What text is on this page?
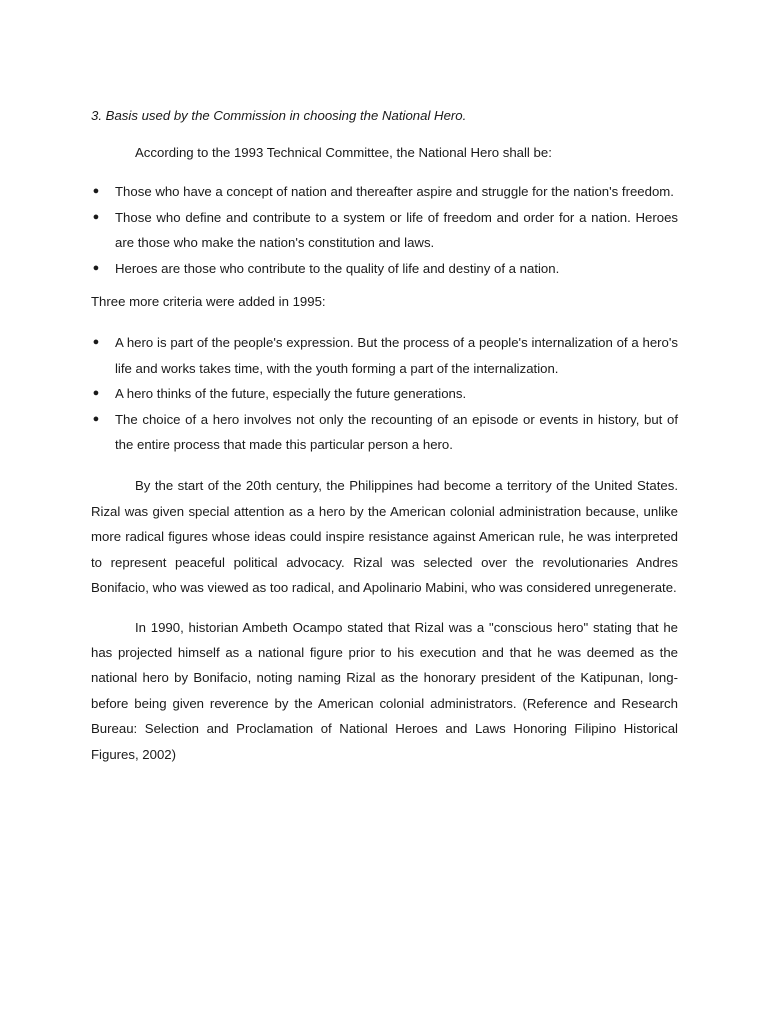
3. Basis used by the Commission in choosing the National Hero.

According to the 1993 Technical Committee, the National Hero shall be:

● Those who have a concept of nation and thereafter aspire and struggle for the nation's freedom.
● Those who define and contribute to a system or life of freedom and order for a nation. Heroes are those who make the nation's constitution and laws.
● Heroes are those who contribute to the quality of life and destiny of a nation.

Three more criteria were added in 1995:

● A hero is part of the people's expression. But the process of a people's internalization of a hero's life and works takes time, with the youth forming a part of the internalization.
● A hero thinks of the future, especially the future generations.
● The choice of a hero involves not only the recounting of an episode or events in history, but of the entire process that made this particular person a hero.

By the start of the 20th century, the Philippines had become a territory of the United States. Rizal was given special attention as a hero by the American colonial administration because, unlike more radical figures whose ideas could inspire resistance against American rule, he was interpreted to represent peaceful political advocacy. Rizal was selected over the revolutionaries Andres Bonifacio, who was viewed as too radical, and Apolinario Mabini, who was considered unregenerate.

In 1990, historian Ambeth Ocampo stated that Rizal was a "conscious hero" stating that he has projected himself as a national figure prior to his execution and that he was deemed as the national hero by Bonifacio, noting naming Rizal as the honorary president of the Katipunan, long-before being given reverence by the American colonial administrators. (Reference and Research Bureau: Selection and Proclamation of National Heroes and Laws Honoring Filipino Historical Figures, 2002)
